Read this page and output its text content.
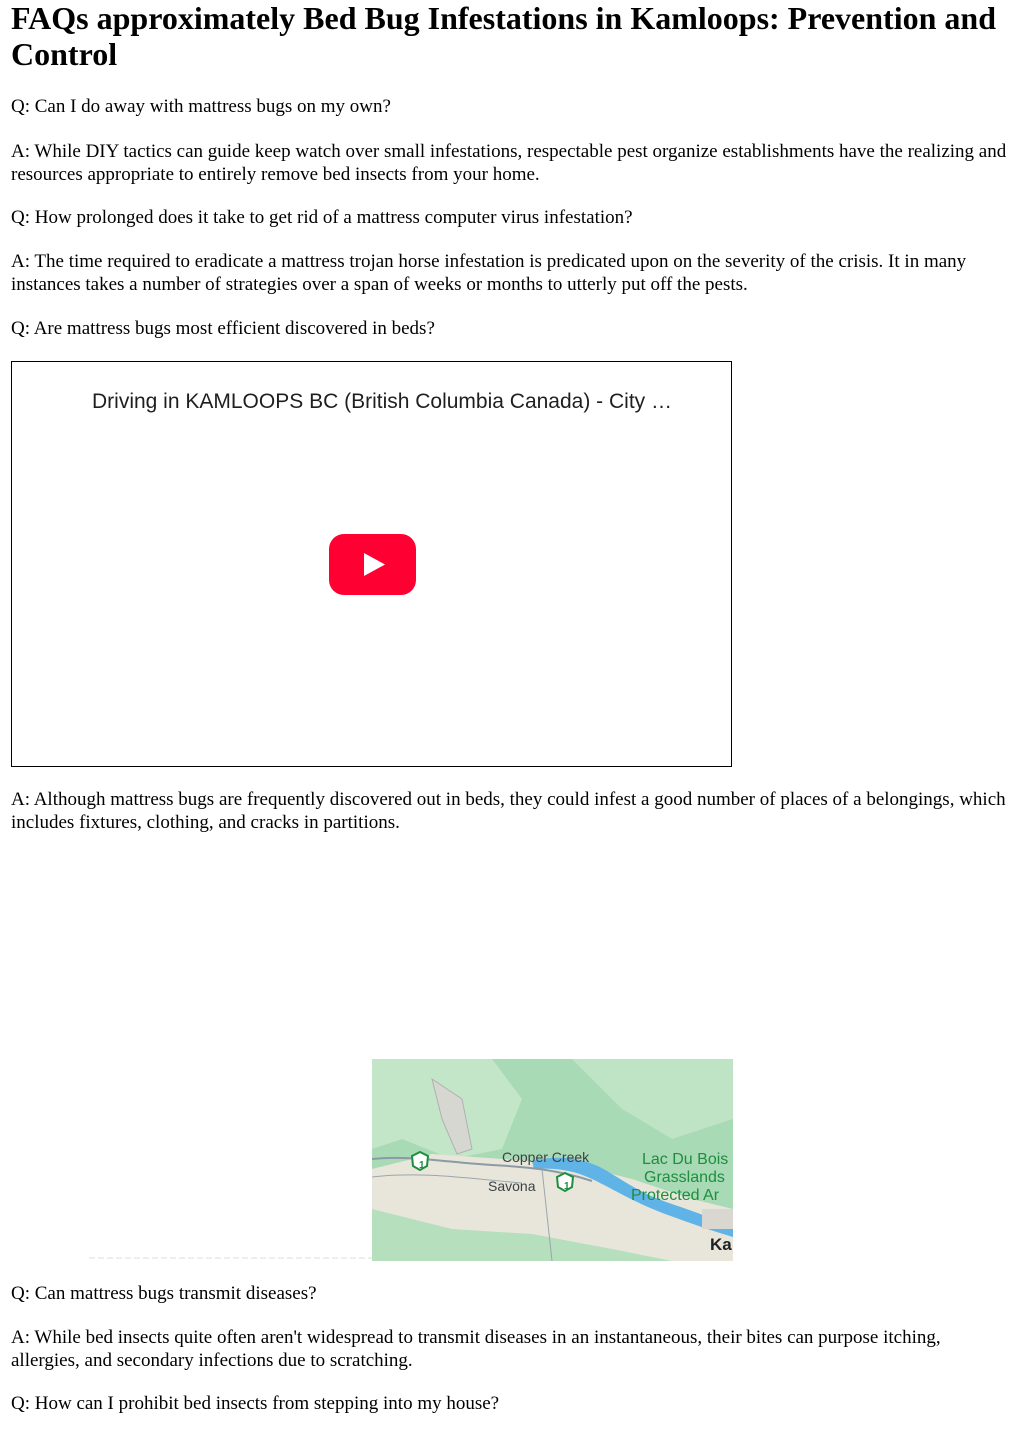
FAQs approximately Bed Bug Infestations in Kamloops: Prevention and Control

Q: Can I do away with mattress bugs on my own?

A: While DIY tactics can guide keep watch over small infestations, respectable pest organize establishments have the realizing and resources appropriate to entirely remove bed insects from your home.

Q: How prolonged does it take to get rid of a mattress computer virus infestation?

A: The time required to eradicate a mattress trojan horse infestation is predicated upon on the severity of the crisis. It in many instances takes a number of strategies over a span of weeks or months to utterly put off the pests.

Q: Are mattress bugs most efficient discovered in beds?

Driving in KAMLOOPS BC (British Columbia Canada) - City …

A: Although mattress bugs are frequently discovered out in beds, they could infest a good number of places of a belongings, which includes fixtures, clothing, and cracks in partitions.

1
1
Copper Creek
Savona
Lac Du Bois
Grasslands
Protected Ar
Ka

Q: Can mattress bugs transmit diseases?

A: While bed insects quite often aren't widespread to transmit diseases in an instantaneous, their bites can purpose itching, allergies, and secondary infections due to scratching.

Q: How can I prohibit bed insects from stepping into my house?
